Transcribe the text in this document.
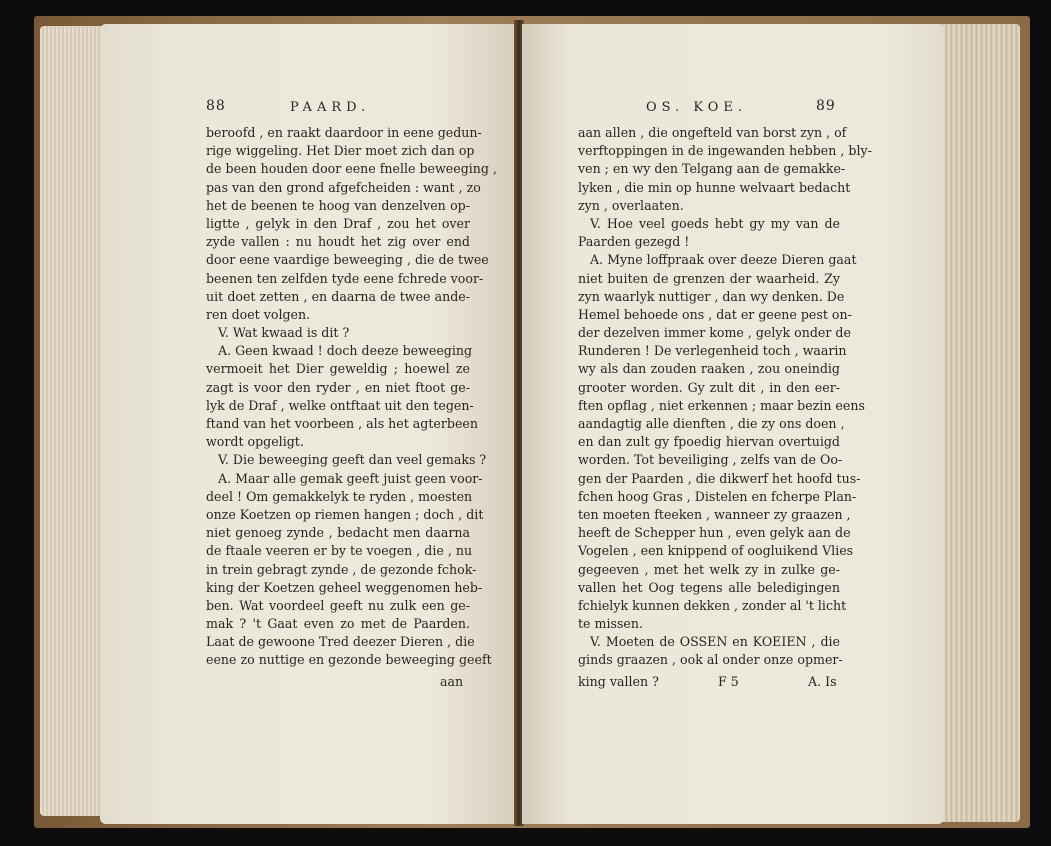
88	PAARD.
beroofd , en raakt daardoor in eene gedun-
rige wiggeling. Het Dier moet zich dan op
de been houden door eene fnelle beweeging ,
pas van den grond afgefcheiden : want , zo
het de beenen te hoog van denzelven op-
ligtte , gelyk in den Draf , zou het over
zyde vallen : nu houdt het zig over end
door eene vaardige beweeging , die de twee
beenen ten zelfden tyde eene fchrede voor-
uit doet zetten , en daarna de twee ande-
ren doet volgen.
V. Wat kwaad is dit ?
A. Geen kwaad ! doch deeze beweeging
vermoeit het Dier geweldig ; hoewel ze
zagt is voor den ryder , en niet ftoot ge-
lyk de Draf , welke ontftaat uit den tegen-
ftand van het voorbeen , als het agterbeen
wordt opgeligt.
V. Die beweeging geeft dan veel gemaks ?
A. Maar alle gemak geeft juist geen voor-
deel ! Om gemakkelyk te ryden , moesten
onze Koetzen op riemen hangen ; doch , dit
niet genoeg zynde , bedacht men daarna
de ftaale veeren er by te voegen , die , nu
in trein gebragt zynde , de gezonde fchok-
king der Koetzen geheel weggenomen heb-
ben. Wat voordeel geeft nu zulk een ge-
mak ? 't Gaat even zo met de Paarden.
Laat de gewoone Tred deezer Dieren , die
eene zo nuttige en gezonde beweeging geeft
aan
OS. KOE.	89
aan allen , die ongefteld van borst zyn , of
verftoppingen in de ingewanden hebben , bly-
ven ; en wy den Telgang aan de gemakke-
lyken , die min op hunne welvaart bedacht
zyn , overlaaten.
V. Hoe veel goeds hebt gy my van de
Paarden gezegd !
A. Myne loffpraak over deeze Dieren gaat
niet buiten de grenzen der waarheid. Zy
zyn waarlyk nuttiger , dan wy denken. De
Hemel behoede ons , dat er geene pest on-
der dezelven immer kome , gelyk onder de
Runderen ! De verlegenheid toch , waarin
wy als dan zouden raaken , zou oneindig
grooter worden. Gy zult dit , in den eer-
ften opflag , niet erkennen ; maar bezin eens
aandagtig alle dienften , die zy ons doen ,
en dan zult gy fpoedig hiervan overtuigd
worden. Tot beveiliging , zelfs van de Oo-
gen der Paarden , die dikwerf het hoofd tus-
fchen hoog Gras , Distelen en fcherpe Plan-
ten moeten fteeken , wanneer zy graazen ,
heeft de Schepper hun , even gelyk aan de
Vogelen , een knippend of oogluikend Vlies
gegeeven , met het welk zy in zulke ge-
vallen het Oog tegens alle beledigingen
fchielyk kunnen dekken , zonder al 't licht
te missen.
V. Moeten de OSSEN en KOEIEN , die
ginds graazen , ook al onder onze opmer-
king vallen ?	F 5	A. Is
